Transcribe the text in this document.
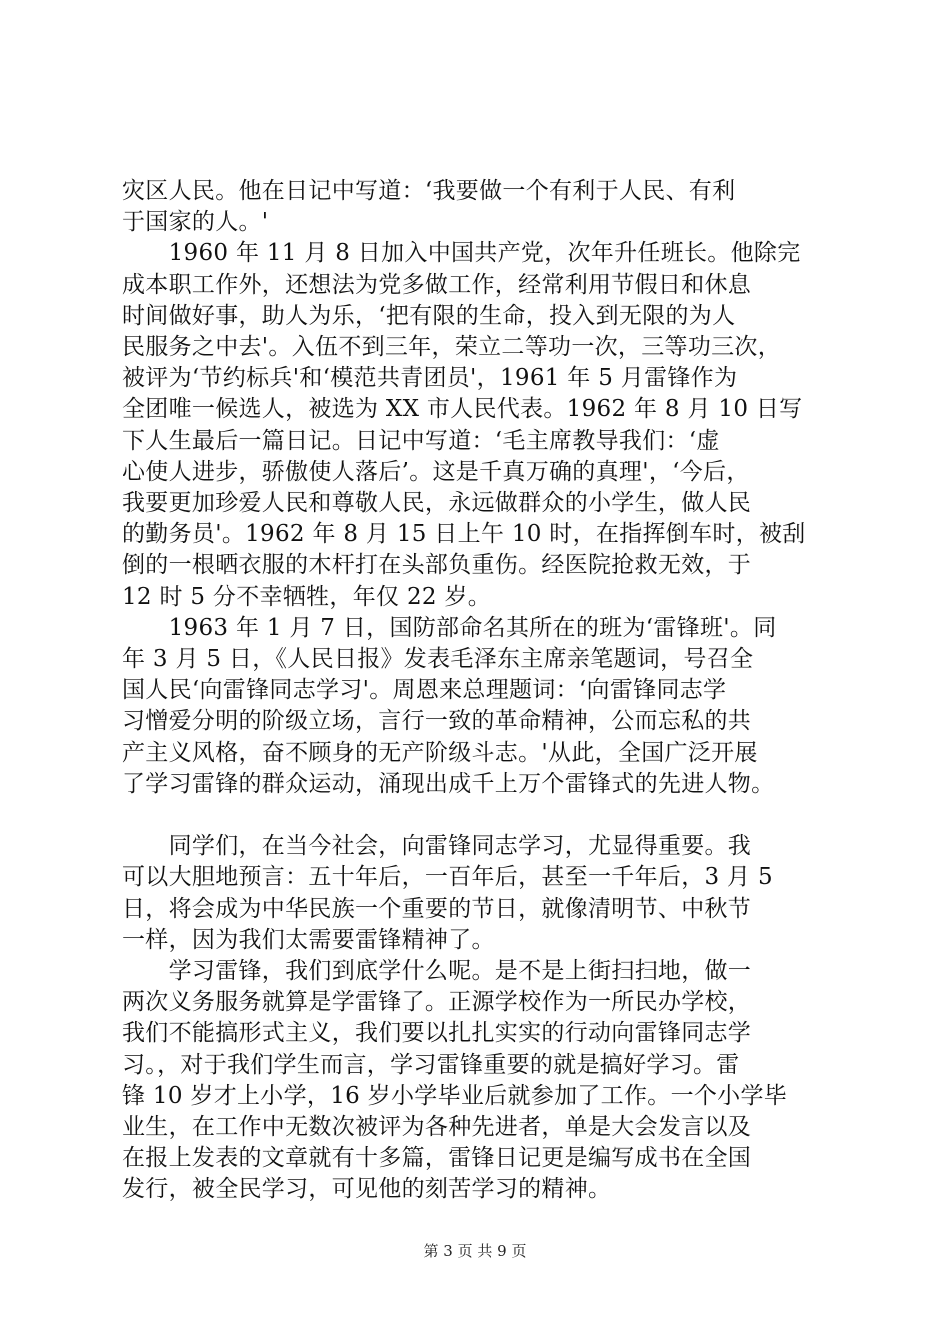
灾区人民。他在日记中写道：‘我要做一个有利于人民、有利
于国家的人。'
　　1960 年 11 月 8 日加入中国共产党，次年升任班长。他除完
成本职工作外，还想法为党多做工作，经常利用节假日和休息
时间做好事，助人为乐，‘把有限的生命，投入到无限的为人
民服务之中去'。入伍不到三年，荣立二等功一次，三等功三次，
被评为‘节约标兵'和‘模范共青团员'，1961 年 5 月雷锋作为
全团唯一候选人，被选为 XX 市人民代表。1962 年 8 月 10 日写
下人生最后一篇日记。日记中写道：‘毛主席教导我们：‘虚
心使人进步，骄傲使人落后’。这是千真万确的真理'，‘今后，
我要更加珍爱人民和尊敬人民，永远做群众的小学生，做人民
的勤务员'。1962 年 8 月 15 日上午 10 时，在指挥倒车时，被刮
倒的一根晒衣服的木杆打在头部负重伤。经医院抢救无效，于
12 时 5 分不幸牺牲，年仅 22 岁。
　　1963 年 1 月 7 日，国防部命名其所在的班为‘雷锋班'。同
年 3 月 5 日，《人民日报》发表毛泽东主席亲笔题词，号召全
国人民‘向雷锋同志学习'。周恩来总理题词：‘向雷锋同志学
习憎爱分明的阶级立场，言行一致的革命精神，公而忘私的共
产主义风格，奋不顾身的无产阶级斗志。'从此，全国广泛开展
了学习雷锋的群众运动，涌现出成千上万个雷锋式的先进人物。
　　同学们，在当今社会，向雷锋同志学习，尤显得重要。我
可以大胆地预言：五十年后，一百年后，甚至一千年后，3 月 5
日，将会成为中华民族一个重要的节日，就像清明节、中秋节
一样，因为我们太需要雷锋精神了。
　　学习雷锋，我们到底学什么呢。是不是上街扫扫地，做一
两次义务服务就算是学雷锋了。正源学校作为一所民办学校，
我们不能搞形式主义，我们要以扎扎实实的行动向雷锋同志学
习。，对于我们学生而言，学习雷锋重要的就是搞好学习。雷
锋 10 岁才上小学，16 岁小学毕业后就参加了工作。一个小学毕
业生，在工作中无数次被评为各种先进者，单是大会发言以及
在报上发表的文章就有十多篇，雷锋日记更是编写成书在全国
发行，被全民学习，可见他的刻苦学习的精神。
第 3 页 共 9 页
